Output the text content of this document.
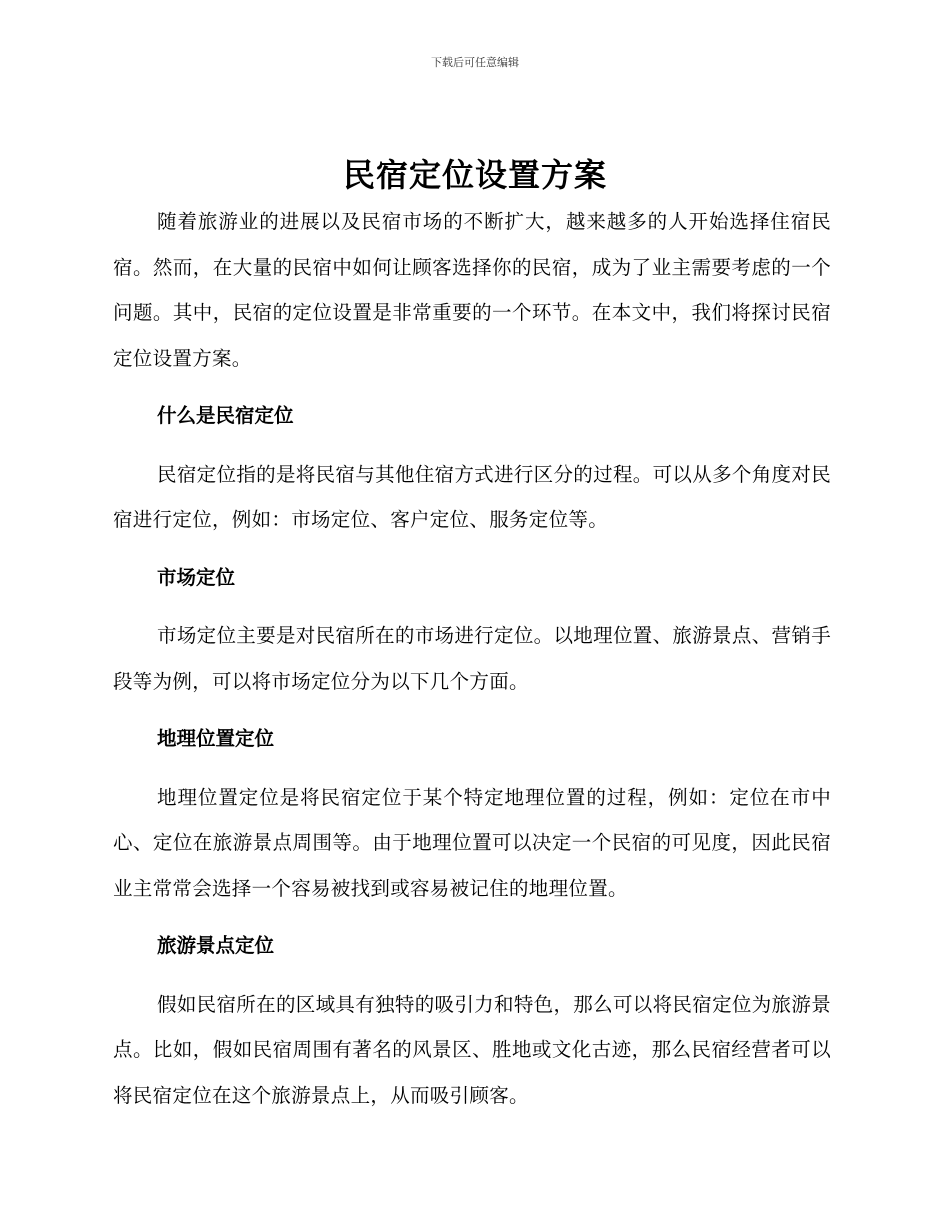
下载后可任意编辑
民宿定位设置方案

随着旅游业的进展以及民宿市场的不断扩大，越来越多的人开始选择住宿民宿。然而，在大量的民宿中如何让顾客选择你的民宿，成为了业主需要考虑的一个问题。其中，民宿的定位设置是非常重要的一个环节。在本文中，我们将探讨民宿定位设置方案。

什么是民宿定位

民宿定位指的是将民宿与其他住宿方式进行区分的过程。可以从多个角度对民宿进行定位，例如：市场定位、客户定位、服务定位等。

市场定位

市场定位主要是对民宿所在的市场进行定位。以地理位置、旅游景点、营销手段等为例，可以将市场定位分为以下几个方面。

地理位置定位

地理位置定位是将民宿定位于某个特定地理位置的过程，例如：定位在市中心、定位在旅游景点周围等。由于地理位置可以决定一个民宿的可见度，因此民宿业主常常会选择一个容易被找到或容易被记住的地理位置。

旅游景点定位

假如民宿所在的区域具有独特的吸引力和特色，那么可以将民宿定位为旅游景点。比如，假如民宿周围有著名的风景区、胜地或文化古迹，那么民宿经营者可以将民宿定位在这个旅游景点上，从而吸引顾客。
